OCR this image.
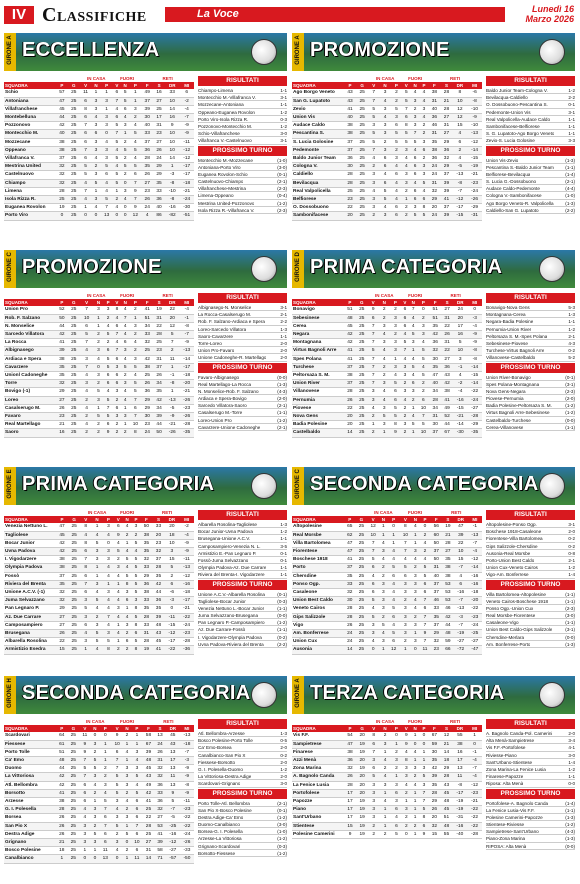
IV Classifiche	La Voce	Lunedì 16
Marzo 2026
GIRONE A ECCELLENZA
			IN CASA			FUORI			RETI			
SQUADRA	P	G	V	N	P	V	N	P	F	S	DR	MI
Schio	57	25	11	1	1	6	5	1	49	16	33	6
Antoniana	47	25	6	3	3	7	5	1	37	27	10	-2
Villafranchese	45	25	8	3	1	4	6	3	39	25	14	-4
Montebelluna	44	25	6	4	3	6	4	2	30	17	16	-7
Pozzonovo	42	25	7	3	3	5	3	4	40	31	9	-9
Montecchio M.	40	25	6	6	0	7	1	5	33	23	10	-9
Mozzecane	38	25	6	3	4	5	2	4	37	27	10	-11
Oppeano	38	25	7	3	3	4	5	5	36	26	10	-12
Villafranca V.	37	25	6	4	3	5	2	4	28	24	14	-12
Mestrina United	32	25	5	2	5	4	5	5	35	29	1	-17
Castelnuovo	32	25	5	3	6	5	2	6	26	29	-3	-17
Chiampo	32	25	4	5	4	5	0	7	27	35	-8	-18
Limena	28	25	7	1	4	1	3	9	23	33	-10	-21
Isola Rizza R.	25	25	4	3	5	2	4	7	26	36	-8	-24
Euganea Rovolon	19	25	1	4	7	4	0	9	24	40	-16	-30
Porto Viro	0	25	0	0	13	0	0	12	4	86	-82	-51
RISULTATI
Chiampo-Limena	1-1
Montecchio M.-Villafranca V.	3-1
Mozzecane-Antoniana	1-1
Oppeano-Euganea Rovolon	1-2
Porto Viro-Isola Rizza R.	0-3
Pozzonovo-Montecchio M.	1-2
Schio-Villafranchese	3-0
Villafranca V.-Castelnuovo	3-1
PROSSIMO TURNO
Montecchio M.-Mozzecane	(1-0)
Antoniana-Porto Viro	(3-0)
Euganea Rovolon-Schio	(0-1)
Castelnuovo-Chiampo	(2-1)
Villafranchese-Mestrina	(2-3)
Limena-Oppeano	(0-4)
Mestrina United-Pozzonovo	(1-2)
Isola Rizza R.-Villafranca V.	(2-3)
GIRONE A PROMOZIONE
			IN CASA			FUORI			RETI			
SQUADRA	P	G	V	N	P	V	N	P	F	S	DR	MI
Ago Borgo Veneto	43	25	7	3	2	5	4	4	38	28	8	-6
San G. Lupatoto	43	25	7	4	2	5	3	4	31	21	10	-8
Zevio	41	25	5	3	5	7	2	3	40	28	12	-10
Union Vis	40	25	5	4	3	6	3	4	36	27	12	-9
Audace Caldo	38	25	3	3	6	8	3	2	46	31	15	-10
Pescantina S.	38	25	5	3	5	5	7	2	31	27	4	-13
S. Lucia Golosine	37	25	5	2	5	5	5	3	35	29	6	-12
Pedemonte	37	25	7	3	2	3	4	6	38	36	2	-14
Baldo Junior Team	36	25	4	6	3	4	6	2	36	32	4	-15
Cologna V.	30	25	2	6	4	4	6	3	24	29	-5	-19
Caldiello	28	25	3	4	6	3	6	3	24	37	-13	-21
Bevilacqua	28	25	3	6	4	3	4	5	31	39	-8	-23
Real Valpolicella	25	25	4	5	4	2	6	4	32	39	-7	-24
Belfiorese	23	25	3	5	4	1	6	6	29	41	-12	-26
O. Dossobuono	22	25	3	4	6	2	3	8	20	37	-17	-29
Sambonifacese	20	25	2	3	6	2	5	5	24	39	-15	-31
RISULTATI
Baldo Junior Team-Cologna V.	1-2
Bevilacqua-Caldiello	2-2
O. Dossobuono-Pescantina S.	0-1
Pedemonte-Union Vis	3-1
Real Valpolicella-Audace Caldo	1-1
Sambonifacese-Belfiorese	1-1
S. G. Lupatoto-Ago Borgo Veneto	1-1
Zevio-S. Lucia Golosine	3-3
PROSSIMO TURNO
Union Vis-Zevio	(1-3)
Pescantina S.-Baldo Junior Team (1-1)
Belfiorese-Bevilacqua	(1-4)
S. Lucia G.-Dossobuono	(2-1)
Audace Caldo-Pedemonte	(4-4)
Cologna V.-Sambonifacese	(1-0)
Ago Borgo Veneto-R. Valpolicella	(1-3)
Caldiello-San G. Lupatoto	(2-2)
GIRONE C PROMOZIONE
			IN CASA			FUORI			RETI			
SQUADRA	P	G	V	N	P	V	N	P	F	S	DR	MI
Union Pro	52	25	7	3	3	8	4	2	41	19	22	-4
Rob. F. Salzano	50	25	10	1	2	4	7	1	51	31	20	-1
N. Monselice	44	25	6	1	4	6	4	3	34	22	12	-8
Sarcedo Villatora	42	25	5	2	5	7	4	2	33	28	5	-7
La Rocca	41	25	7	2	2	4	6	4	32	25	7	-9
Albignasego	39	25	4	3	6	7	3	2	25	23	2	-13
Ardiaca e Spera	38	25	3	4	5	6	4	3	42	31	11	-14
Cavarzere	35	25	7	0	5	3	5	5	38	37	1	-17
Unionl Cadoneghe	35	25	4	3	6	6	2	4	25	26	-1	-18
Torre	32	25	3	2	6	6	3	5	26	34	-8	-20
Bovigo (-1)	29	25	4	5	4	3	4	5	36	35	1	-21
Loreo	27	25	2	3	5	2	4	7	29	42	-13	-26
Casalserugo M.	26	25	4	1	7	6	1	6	29	34	-5	-23
Favaro	23	25	2	5	5	3	3	7	30	39	-9	-26
Real Martellago	21	25	4	2	6	2	1	10	23	44	-21	-28
Saoro	16	25	2	2	9	2	2	8	24	50	-26	-35
RISULTATI
Albignasego-N. Monselice	3-1
La Rocca-Casalserugo M.	2-1
Rob. F. Salzano-Ardiaca e Spera	2-2
Loreo-Sarcedo Villatora	1-3
Saoro-Cavarzere	1-1
Torre-Loreo	2-0
Union Pro-Favaro	2-0
Unione Cadoneghe-R. Martellago	2-0
PROSSIMO TURNO
Favaro-Albignasego	(0-0)
Real Martellago-La Rocca	(1-3)
N. Monselice-Rob. F. Salzano	(4-3)
Ardiaca e Spera-Bovigo	(2-0)
Sarcedo Villatora-Saoro	(2-1)
Casalserugo M.-Torre	(1-1)
Loreo-Union Pro	(1-2)
Cavarzere-Unione Cadoneghe	(2-1)
GIRONE D PRIMA CATEGORIA
			IN CASA			FUORI			RETI			
SQUADRA	P	G	V	N	P	V	N	P	F	S	DR	MI
Bonavigo	51	25	9	2	2	6	7	0	51	27	24	0
Sebesinese	48	25	6	2	3	6	4	2	51	31	20	-3
Cerea	45	25	7	3	3	6	4	3	35	22	17	-4
Negara	42	25	7	4	2	4	5	3	42	26	16	-9
Montagnana	42	25	7	3	3	5	3	4	36	31	5	-9
Virtus Bagnoli Arre	41	25	5	4	3	7	1	5	32	22	10	-8
Spes Polana	41	25	7	4	1	4	4	5	30	27	3	-8
Turchese	37	25	7	2	3	3	5	4	35	36	-1	-14
Peltorsaza S. M.	38	25	7	2	4	3	4	5	47	43	4	-15
Union River	37	25	7	3	5	2	6	2	40	42	-2	-14
Villanovese	28	25	3	4	6	3	3	2	34	38	-4	-22
Pernumia	26	25	3	4	6	4	2	6	28	41	-16	-24
Piovese	22	25	4	3	5	2	1	10	34	49	-15	-27
Nova Gens	20	25	2	5	5	2	4	7	31	52	-21	-28
Badia Polesine	20	25	1	3	8	3	5	5	30	44	-14	-29
Castelbaldo	14	25	2	1	9	2	1	10	37	67	-30	-35
RISULTATI
Bonavigo-Nova Gens	5-3
Montagnana-Cerea	1-3
Negara-Badia Polesine	1-1
Pernumia-Union River	1-2
Peltorsaza S. M.-Spes Polana	2-1
Sebesinese-Piovese	4-3
Turchese-Virtus Bagnoli Arre	0-2
Villanovese-Castelbaldo	5-2
PROSSIMO TURNO
Union River-Bonavigo	(0-1)
Spes Polana-Montagnana	(3-1)
Nova Gens-Negara	(2-3)
Piovese-Pernumia	(2-0)
Badia Polesine-Peltorsaza S. M.	(1-2)
Virtus Bagnoli Arre-Sebesinese	(1-2)
Castelbaldo-Turchese	(0-0)
Cerea-Villanovese	(1-1)
GIRONE E PRIMA CATEGORIA
			IN CASA			FUORI			RETI			
SQUADRA	P	G	V	N	P	V	N	P	F	S	DR	MI
Venezia Nettuno L.	47	25	8	1	3	6	4	3	50	33	20	-2
Tagliolese	45	25	4	4	4	9	2	2	38	20	18	-4
Bocar Junior	42	25	8	5	0	4	1	5	35	23	10	-9
Uvna Padova	42	25	6	3	3	5	4	4	35	32	3	-9
I. Vigodarzere	38	25	7	3	3	2	5	5	32	37	15	-11
Olympia Padova	38	25	8	1	4	3	4	5	33	28	5	-13
Fossò	37	25	6	1	4	4	5	5	29	35	2	-12
Riviera del Brenta	35	25	7	3	1	1	8	5	36	42	6	-16
Unione A.C.V. (-1)	32	25	6	4	3	4	3	5	38	44	-6	-18
Juma Selvazzano	32	25	3	5	4	4	6	3	33	36	-3	-17
Pan Legnaro P.	29	25	5	4	4	3	1	8	35	35	0	-21
Az. Due Carrare	27	25	3	2	7	4	4	5	28	39	-11	-22
Camposampiero	27	25	6	3	4	1	3	8	33	48	-15	-24
Brusegana	26	25	4	5	3	4	2	6	31	43	-12	-23
Albarella Rosolina	22	25	3	5	5	1	6	5	28	45	-17	-28
Armistizio Esedra	15	25	1	4	8	2	2	8	19	41	-22	-36
RISULTATI
Albarella Rosolina-Tagliolese	1-3
Bocar Junior-Uvna Padova	1-2
Brusegana-Unione A.C.V.	1-1
Camposampiero-Venezia N. L.	3-5
Armistizio E.-Pan Legnaro P.	0-1
Fossò-Juma Selvazzano	0-1
Olympia Padova-Az. Due Carrare	1-1
Riviera del Brenta-I. Vigodarzere	1-1
PROSSIMO TURNO
Unione A.C.V.-Albarella Rosolina	(0-1)
Tagliolese-Bocar Junior	(0-3)
Venezia Nettuno L.-Bocar Junior	(1-1)
Juma Selvazzano-Brusegana	(0-0)
Pan Legnaro P.-Camposampiero	(1-2)
Az. Due Carrare-Fossò	(1-1)
I. Vigodarzere-Olympia Padova	(0-2)
Uvna Padova-Riviera del Brenta	(2-2)
GIRONE C SECONDA CATEGORIA
			IN CASA			FUORI			RETI			
SQUADRA	P	G	V	N	P	V	N	P	F	S	DR	MI
Altopolesine	65	25	12	1	0	8	4	0	56	19	47	-1
Real Morsbe	62	25	10	1	1	10	1	2	60	21	39	-13
Villa Bartolomea	47	25	7	4	1	7	1	4	50	28	22	-7
Fiorentese	47	25	7	3	4	7	3	2	37	27	10	-4
Boschese 1918	41	25	5	4	4	4	4	4	50	35	15	-12
Porto	37	25	6	2	5	5	2	5	31	38	-7	-14
Chersdine	35	25	4	2	6	6	3	5	40	38	4	-16
Ponso Ogp.	33	25	6	3	4	3	3	6	37	53	6	-16
Casaleone	32	25	6	3	4	3	3	6	37	53	-16	-18
Union Best Caldo	30	25	5	3	4	2	4	7	46	53	-7	-20
Veneto Cairos	28	25	4	3	5	3	4	6	33	46	-13	-22
Gips Salizzole	28	25	5	2	6	3	2	7	35	42	-3	-23
Vigo	26	25	3	5	4	3	3	7	37	44	-7	-24
Am. Bonferrese	24	25	3	4	5	3	1	9	29	48	-19	-25
Union Cux	24	25	4	3	6	2	3	7	32	59	-27	-27
Ausonia	14	25	0	1	12	1	0	11	23	66	-72	-47
RISULTATI
Altopolesine-Ponso Ogp.	3-1
Boschese 1918-Casaleone	2-0
Fiorentese-Villa Bartolomea	0-2
Gips Salizzole-Chersdine	0-2
Ausonia-Real Morsbe	0-8
Porto-Union Best Caldo	2-1
Union Cux-Veneto Cairos	1-2
Vigo-Am. Bonferrese	1-4
PROSSIMO TURNO
Villa Bartolomea-Altopolesine	(1-1)
Veneto Cairos-Boschese 1918	(1-1)
Ponso Ogp.-Union Cux	(2-3)
Real Morsbe-Fiorentese	(3-0)
Casaleone-Vigo	(1-1)
Union Best Caldo-Gips Salizzole	(3-1)
Chersdine-Merlara	(0-0)
Am. Bonferrese-Porto	(1-3)
GIRONE H SECONDA CATEGORIA
			IN CASA			FUORI			RETI			
SQUADRA	P	G	V	N	P	V	N	P	F	S	DR	MI
Scardovari	64	25	11	0	0	9	2	1	58	13	45	-13
Fiessese	61	25	9	3	1	10	1	1	67	24	43	-18
Porto Tolle	51	25	9	2	1	6	4	3	39	26	13	-7
Ca' Emo	48	25	7	5	1	7	1	4	48	31	17	-3
Duomo	44	25	5	5	2	7	3	3	45	32	13	-9
La Vittoriosa	42	25	7	3	2	5	3	5	43	32	11	-9
Atl. Bellombra	42	25	6	4	3	5	3	4	49	36	13	-8
Borsotto	41	25	6	2	4	5	2	5	42	33	9	-9
Arzesse	38	25	6	1	5	3	4	6	41	36	5	-11
G. I. Polesella	28	25	4	3	7	4	2	6	25	32	-7	-23
Borsea	26	25	4	3	6	3	3	6	22	27	-5	-22
San Pio X	26	25	3	2	7	5	1	7	28	53	-25	-22
Destra Adige	26	25	3	5	6	2	5	6	25	41	-16	-24
Grignano	21	25	3	3	6	3	0	10	27	39	-12	-26
Bosco Polesine	18	25	1	1	11	4	2	6	31	58	-27	-33
Canalbianco	1	25	0	0	13	0	1	11	14	71	-57	-50
RISULTATI
Atl. Bellombra-Arzesse	1-3
Bosco Polesine-Porto Tolle	0-5
Ca' Emo-Borsea	2-0
Canalbianco-San Pio X	0-2
Fiessese-Borsotto	2-0
G. I. Polesella-Duomo	1-2
La Vittoriosa-Destra Adige	2-0
Scardovari-Grignano	3-0
PROSSIMO TURNO
Porto Tolle-Atl. Bellombra	(2-1)
San Pio X-Bosco Polesine	(0-1)
Destra Adige-Ca' Emo	(1-2)
Duomo-Canalbianco	(3-0)
Borsea-G. I. Polesella	(1-0)
Arzesse-La Vittoriosa	(1-2)
Grignano-Scardovari	(0-3)
Borsotto-Fiessese	(1-2)
GIRONE A TERZA CATEGORIA
			IN CASA			FUORI			RETI			
SQUADRA	P	G	V	N	P	V	N	P	F	S	DR	MI
Vis F.F.	54	20	8	2	0	9	1	0	67	12	55	1
Sampietrese	47	19	6	3	1	9	0	0	59	21	38	0
Finarese	38	19	7	1	2	4	4	1	30	14	16	-1
Azzi Menà	36	20	3	4	3	8	1	1	35	18	17	-4
Zona Marina	32	19	6	2	2	3	3	3	42	29	13	-7
A. Bagnolo Canda	26	20	5	4	1	3	2	5	39	28	11	-4
La Fenice Lusia	28	20	3	3	3	4	4	3	35	43	-8	-12
Portofolese	17	20	3	1	6	2	1	7	28	45	-17	-23
Papozze	17	19	3	4	3	1	1	7	29	48	-19	-21
Piano	17	19	3	1	6	3	1	5	26	45	-19	-22
Sant'Urbano	17	19	3	1	4	2	1	8	20	51	-31	-22
Stientese	15	19	2	1	6	2	2	6	32	48	-16	-22
Polesine Camerini	9	19	2	2	5	0	1	9	15	55	-40	-28
RISULTATI
A. Bagnolo Canda-Pol. Camerini	2-0
Alta Menà-Sampietrese	3-4
Vis F.F.-Portofolese	4-1
Riviesse-Piano	3-0
Sant'Urbano-Stientese	1-4
Zona Marina-La Fenice Lusia	1-2
Finarese-Papozze	1-1
Riposa: Alta Menà	0-0
PROSSIMO TURNO
Portofolese-A. Bagnolo Canda	(1-4)
La Fenice Lusia-Vis F.F.	(1-1)
Polesine Camerini-Papozze	(1-3)
Stientese-Riviesse	(1-2)
Sampietrese-Sant'Urbano	(4-3)
Piano-Zona Marina	(1-3)
RIPOSA: Alta Menà	(0-0)
